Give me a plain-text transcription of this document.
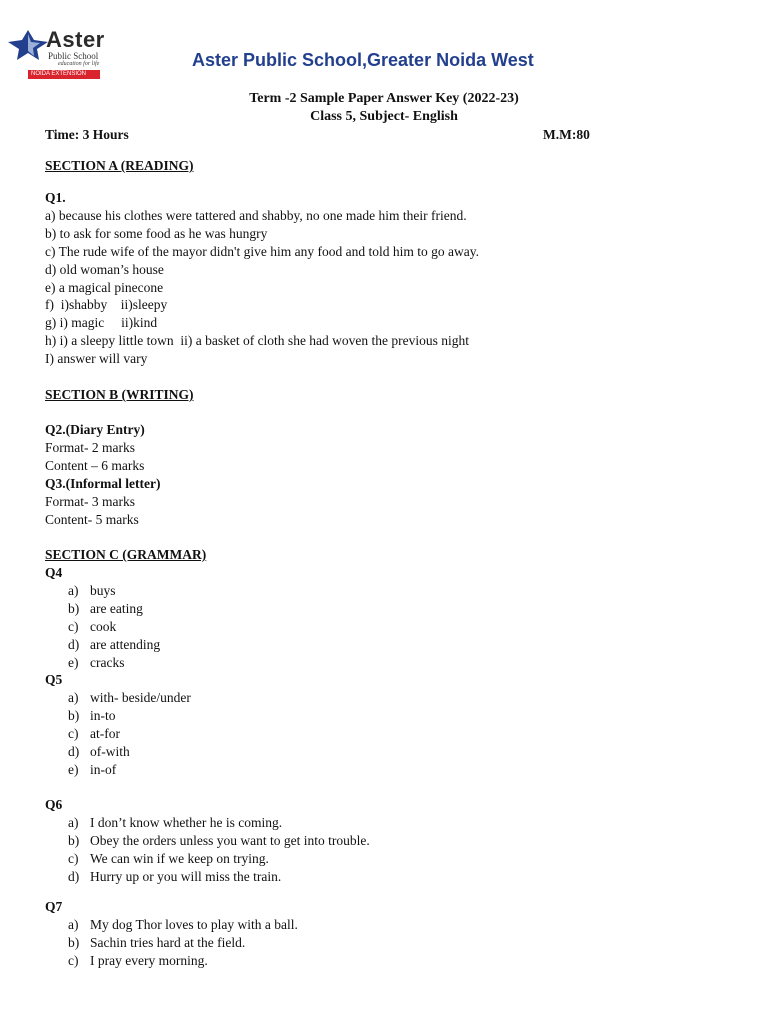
Aster
Public School
education for life
NOIDA EXTENSION
Aster Public School,Greater Noida West
Term -2 Sample Paper Answer Key (2022-23)
Class 5, Subject- English
Time: 3 Hours	M.M:80
SECTION A (READING)
Q1.
a) because his clothes were tattered and shabby, no one made him their friend.
b) to ask for some food as he was hungry
c) The rude wife of the mayor didn't give him any food and told him to go away.
d) old woman’s house
e) a magical pinecone
f)  i)shabby    ii)sleepy
g) i) magic     ii)kind
h) i) a sleepy little town  ii) a basket of cloth she had woven the previous night
I) answer will vary
SECTION B (WRITING)
Q2.(Diary Entry)
Format- 2 marks
Content – 6 marks
Q3.(Informal letter)
Format- 3 marks
Content- 5 marks
SECTION C (GRAMMAR)
Q4
a) buys
b) are eating
c) cook
d) are attending
e) cracks
Q5
a) with- beside/under
b) in-to
c) at-for
d) of-with
e) in-of
Q6
a) I don’t know whether he is coming.
b) Obey the orders unless you want to get into trouble.
c) We can win if we keep on trying.
d) Hurry up or you will miss the train.
Q7
a) My dog Thor loves to play with a ball.
b) Sachin tries hard at the field.
c) I pray every morning.
